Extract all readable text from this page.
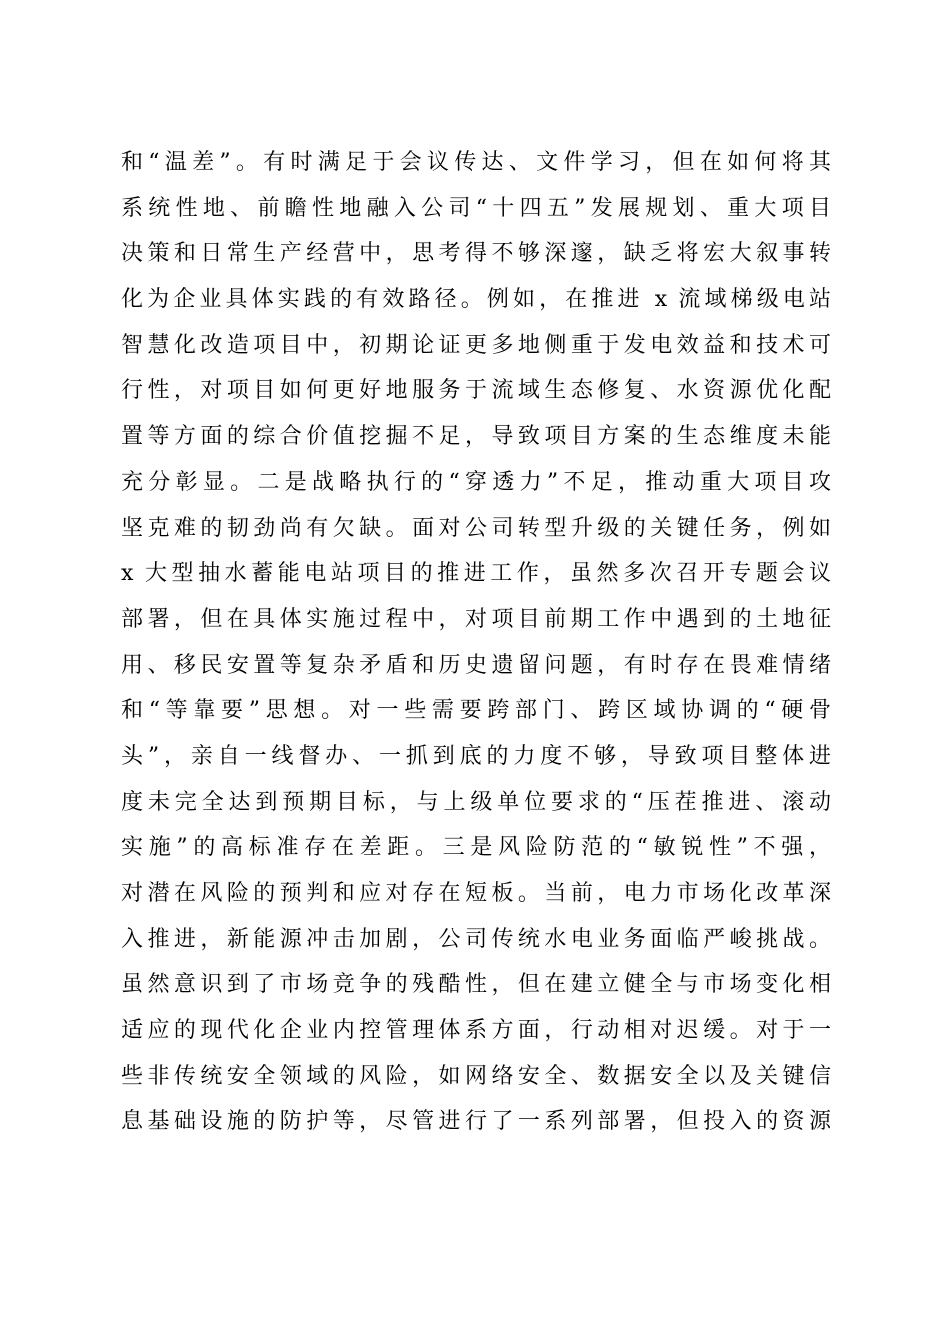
和“温差”。有时满足于会议传达、文件学习，但在如何将其
系统性地、前瞻性地融入公司“十四五”发展规划、重大项目
决策和日常生产经营中，思考得不够深邃，缺乏将宏大叙事转
化为企业具体实践的有效路径。例如，在推进 x 流域梯级电站
智慧化改造项目中，初期论证更多地侧重于发电效益和技术可
行性，对项目如何更好地服务于流域生态修复、水资源优化配
置等方面的综合价值挖掘不足，导致项目方案的生态维度未能
充分彰显。二是战略执行的“穿透力”不足，推动重大项目攻
坚克难的韧劲尚有欠缺。面对公司转型升级的关键任务，例如
x 大型抽水蓄能电站项目的推进工作，虽然多次召开专题会议
部署，但在具体实施过程中，对项目前期工作中遇到的土地征
用、移民安置等复杂矛盾和历史遗留问题，有时存在畏难情绪
和“等靠要”思想。对一些需要跨部门、跨区域协调的“硬骨
头”，亲自一线督办、一抓到底的力度不够，导致项目整体进
度未完全达到预期目标，与上级单位要求的“压茬推进、滚动
实施”的高标准存在差距。三是风险防范的“敏锐性”不强，
对潜在风险的预判和应对存在短板。当前，电力市场化改革深
入推进，新能源冲击加剧，公司传统水电业务面临严峻挑战。
虽然意识到了市场竞争的残酷性，但在建立健全与市场变化相
适应的现代化企业内控管理体系方面，行动相对迟缓。对于一
些非传统安全领域的风险，如网络安全、数据安全以及关键信
息基础设施的防护等，尽管进行了一系列部署，但投入的资源
